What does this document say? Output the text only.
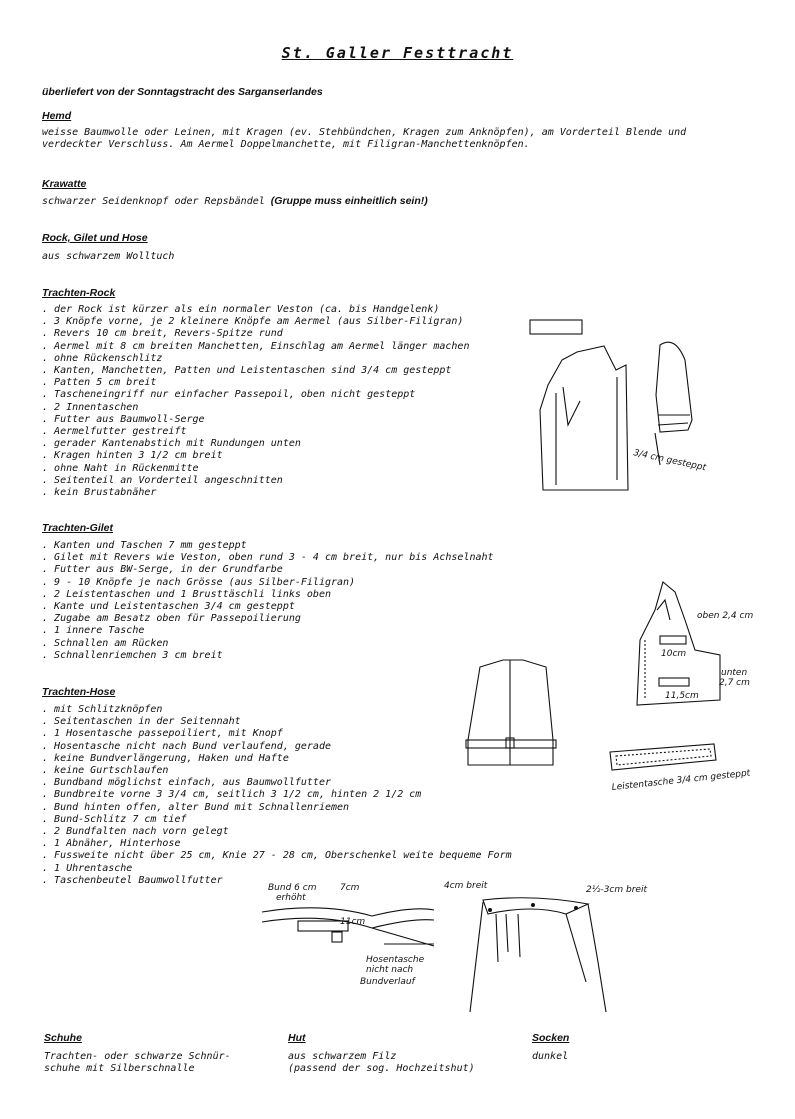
St. Galler Festtracht
überliefert von der Sonntagstracht des Sarganserlandes
Hemd
weisse Baumwolle oder Leinen, mit Kragen (ev. Stehbündchen, Kragen zum Anknöpfen), am Vorderteil Blende und
verdeckter Verschluss. Am Aermel Doppelmanchette, mit Filigran-Manchettenknöpfen.
Krawatte
schwarzer Seidenknopf oder Repsbändel (Gruppe muss einheitlich sein!)
Rock, Gilet und Hose
aus schwarzem Wolltuch
Trachten-Rock
. der Rock ist kürzer als ein normaler Veston (ca. bis Handgelenk)
. 3 Knöpfe vorne, je 2 kleinere Knöpfe am Aermel (aus Silber-Filigran)
. Revers 10 cm breit, Revers-Spitze rund
. Aermel mit 8 cm breiten Manchetten, Einschlag am Aermel länger machen
. ohne Rückenschlitz
. Kanten, Manchetten, Patten und Leistentaschen sind 3/4 cm gesteppt
. Patten 5 cm breit
. Tascheneingriff nur einfacher Passepoil, oben nicht gesteppt
. 2 Innentaschen
. Futter aus Baumwoll-Serge
. Aermelfutter gestreift
. gerader Kantenabstich mit Rundungen unten
. Kragen hinten 3 1/2 cm breit
. ohne Naht in Rückenmitte
. Seitenteil an Vorderteil angeschnitten
. kein Brustabnäher
3/4 cm gesteppt
Trachten-Gilet
. Kanten und Taschen 7 mm gesteppt
. Gilet mit Revers wie Veston, oben rund 3 - 4 cm breit, nur bis Achselnaht
. Futter aus BW-Serge, in der Grundfarbe
. 9 - 10 Knöpfe je nach Grösse (aus Silber-Filigran)
. 2 Leistentaschen und 1 Brusttäschli links oben
. Kante und Leistentaschen 3/4 cm gesteppt
. Zugabe am Besatz oben für Passepoilierung
. 1 innere Tasche
. Schnallen am Rücken
. Schnallenriemchen 3 cm breit
oben 2,4 cm
10cm
unten
2,7 cm
11,5cm
Leistentasche 3/4 cm gesteppt
Trachten-Hose
. mit Schlitzknöpfen
. Seitentaschen in der Seitennaht
. 1 Hosentasche passepoiliert, mit Knopf
. Hosentasche nicht nach Bund verlaufend, gerade
. keine Bundverlängerung, Haken und Hafte
. keine Gurtschlaufen
. Bundband möglichst einfach, aus Baumwollfutter
. Bundbreite vorne 3 3/4 cm, seitlich 3 1/2 cm, hinten 2 1/2 cm
. Bund hinten offen, alter Bund mit Schnallenriemen
. Bund-Schlitz 7 cm tief
. 2 Bundfalten nach vorn gelegt
. 1 Abnäher, Hinterhose
. Fussweite nicht über 25 cm, Knie 27 - 28 cm, Oberschenkel weite bequeme Form
. 1 Uhrentasche
. Taschenbeutel Baumwollfutter
Bund 6 cm
erhöht
7cm
11cm
Hosentasche
nicht nach
Bundverlauf
4cm breit	2½-3cm breit
Schuhe
Trachten- oder schwarze Schnür-
schuhe mit Silberschnalle
Hut
aus schwarzem Filz
(passend der sog. Hochzeitshut)
Socken
dunkel
